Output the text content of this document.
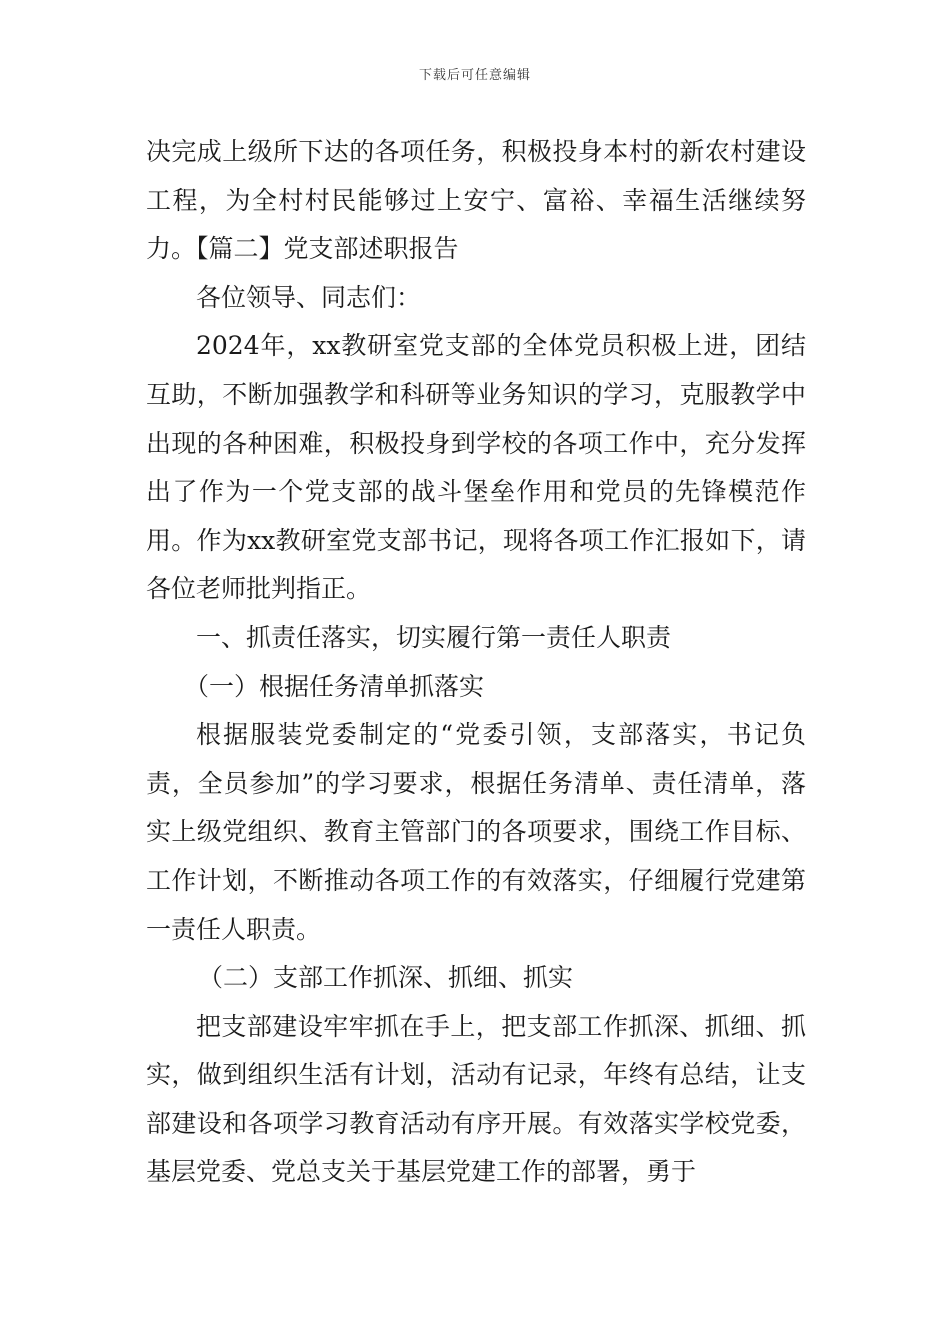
下载后可任意编辑

决完成上级所下达的各项任务，积极投身本村的新农村建设工程，为全村村民能够过上安宁、富裕、幸福生活继续努力。【篇二】党支部述职报告

各位领导、同志们：

2024年，xx教研室党支部的全体党员积极上进，团结互助，不断加强教学和科研等业务知识的学习，克服教学中出现的各种困难，积极投身到学校的各项工作中，充分发挥出了作为一个党支部的战斗堡垒作用和党员的先锋模范作用。作为xx教研室党支部书记，现将各项工作汇报如下，请各位老师批判指正。

一、抓责任落实，切实履行第一责任人职责

（一）根据任务清单抓落实

根据服装党委制定的“党委引领，支部落实，书记负责，全员参加”的学习要求，根据任务清单、责任清单，落实上级党组织、教育主管部门的各项要求，围绕工作目标、工作计划，不断推动各项工作的有效落实，仔细履行党建第一责任人职责。

（二）支部工作抓深、抓细、抓实

把支部建设牢牢抓在手上，把支部工作抓深、抓细、抓实，做到组织生活有计划，活动有记录，年终有总结，让支部建设和各项学习教育活动有序开展。有效落实学校党委，基层党委、党总支关于基层党建工作的部署，勇于
